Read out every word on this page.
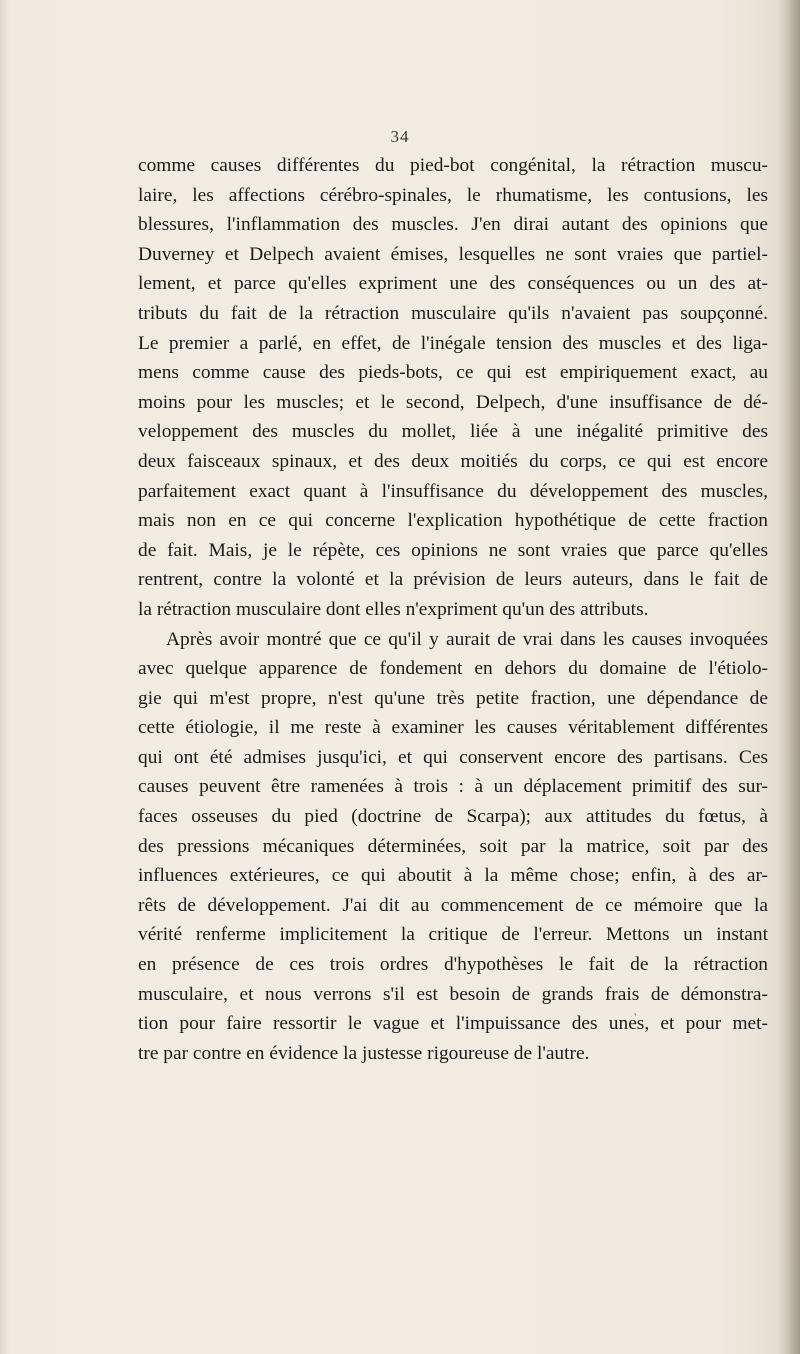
34
comme causes différentes du pied-bot congénital, la rétraction muscu-
laire, les affections cérébro-spinales, le rhumatisme, les contusions, les
blessures, l'inflammation des muscles. J'en dirai autant des opinions que
Duverney et Delpech avaient émises, lesquelles ne sont vraies que partiel-
lement, et parce qu'elles expriment une des conséquences ou un des at-
tributs du fait de la rétraction musculaire qu'ils n'avaient pas soupçonné.
Le premier a parlé, en effet, de l'inégale tension des muscles et des liga-
mens comme cause des pieds-bots, ce qui est empiriquement exact, au
moins pour les muscles; et le second, Delpech, d'une insuffisance de dé-
veloppement des muscles du mollet, liée à une inégalité primitive des
deux faisceaux spinaux, et des deux moitiés du corps, ce qui est encore
parfaitement exact quant à l'insuffisance du développement des muscles,
mais non en ce qui concerne l'explication hypothétique de cette fraction
de fait. Mais, je le répète, ces opinions ne sont vraies que parce qu'elles
rentrent, contre la volonté et la prévision de leurs auteurs, dans le fait de
la rétraction musculaire dont elles n'expriment qu'un des attributs.
Après avoir montré que ce qu'il y aurait de vrai dans les causes invoquées
avec quelque apparence de fondement en dehors du domaine de l'étiolo-
gie qui m'est propre, n'est qu'une très petite fraction, une dépendance de
cette étiologie, il me reste à examiner les causes véritablement différentes
qui ont été admises jusqu'ici, et qui conservent encore des partisans. Ces
causes peuvent être ramenées à trois : à un déplacement primitif des sur-
faces osseuses du pied (doctrine de Scarpa); aux attitudes du fœtus, à
des pressions mécaniques déterminées, soit par la matrice, soit par des
influences extérieures, ce qui aboutit à la même chose; enfin, à des ar-
rêts de développement. J'ai dit au commencement de ce mémoire que la
vérité renferme implicitement la critique de l'erreur. Mettons un instant
en présence de ces trois ordres d'hypothèses le fait de la rétraction
musculaire, et nous verrons s'il est besoin de grands frais de démonstra-
tion pour faire ressortir le vague et l'impuissance des unes, et pour met-
tre par contre en évidence la justesse rigoureuse de l'autre.
ˏ
